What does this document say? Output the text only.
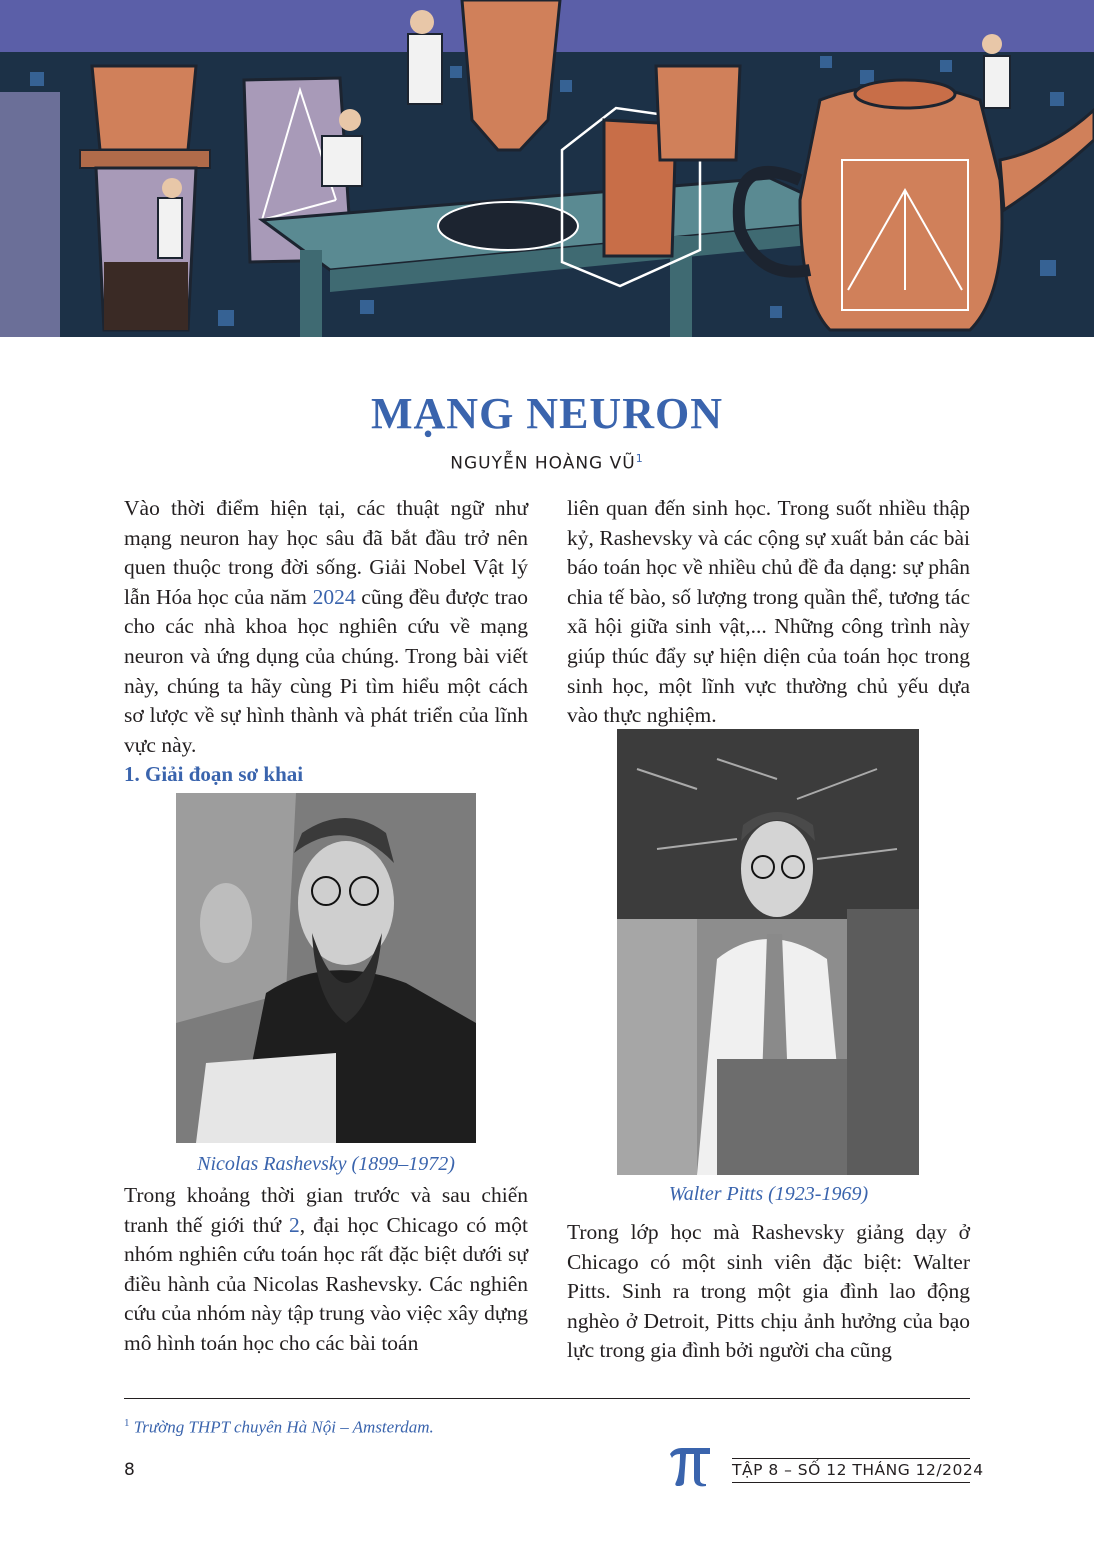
MẠNG NEURON
NGUYỄN HOÀNG $VŨ^1$

Vào thời điểm hiện tại, các thuật ngữ như mạng neuron hay học sâu đã bắt đầu trở nên quen thuộc trong đời sống. Giải Nobel Vật lý lẫn Hóa học của năm 2024 cũng đều được trao cho các nhà khoa học nghiên cứu về mạng neuron và ứng dụng của chúng. Trong bài viết này, chúng ta hãy cùng Pi tìm hiểu một cách sơ lược về sự hình thành và phát triển của lĩnh vực này.

1. Giải đoạn sơ khai
Nicolas Rashevsky (1899–1972)

Trong khoảng thời gian trước và sau chiến tranh thế giới thứ 2, đại học Chicago có một nhóm nghiên cứu toán học rất đặc biệt dưới sự điều hành của Nicolas Rashevsky. Các nghiên cứu của nhóm này tập trung vào việc xây dựng mô hình toán học cho các bài toán

liên quan đến sinh học. Trong suốt nhiều thập kỷ, Rashevsky và các cộng sự xuất bản các bài báo toán học về nhiều chủ đề đa dạng: sự phân chia tế bào, số lượng trong quần thể, tương tác xã hội giữa sinh vật,... Những công trình này giúp thúc đẩy sự hiện diện của toán học trong sinh học, một lĩnh vực thường chủ yếu dựa vào thực nghiệm.

Walter Pitts (1923-1969)

Trong lớp học mà Rashevsky giảng dạy ở Chicago có một sinh viên đặc biệt: Walter Pitts. Sinh ra trong một gia đình lao động nghèo ở Detroit, Pitts chịu ảnh hưởng của bạo lực trong gia đình bởi người cha cũng

$^1$ Trường THPT chuyên Hà Nội – Amsterdam.
8	TẬP 8 – SỐ 12 THÁNG 12/2024
